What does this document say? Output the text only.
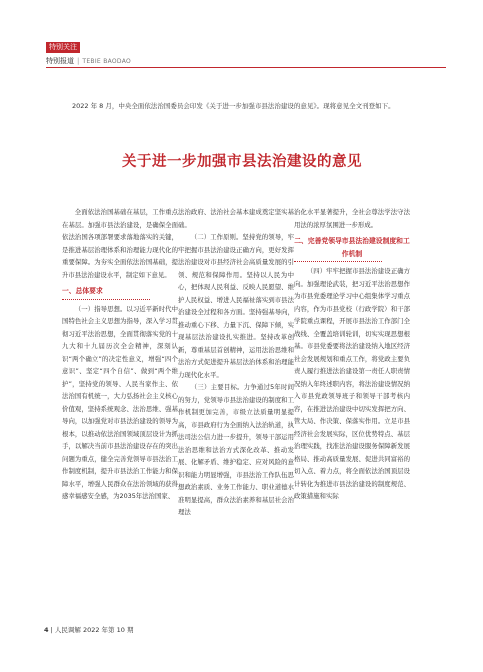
特别关注
特别报道 | TEBIE BAODAO

2022 年 8 月，中央全面依法治国委员会印发《关于进一步加强市县法治建设的意见》。现将意见全文刊登如下。

关于进一步加强市县法治建设的意见

全面依法治国基础在基层，工作重点在基层。加强市县法治建设，是确保全面依法治国各项部署要求落地落实的关键，是推进基层治理体系和治理能力现代化的重要保障。为夯实全面依法治国基础，提升市县法治建设水平，制定如下意见。

一、总体要求

（一）指导思想。以习近平新时代中国特色社会主义思想为指导，深入学习贯彻习近平法治思想，全面贯彻落实党的十九大和十九届历次全会精神，深刻认识“两个确立”的决定性意义，增强“四个意识”、坚定“四个自信”、做到“两个维护”，坚持党的领导、人民当家作主、依法治国有机统一，大力弘扬社会主义核心价值观，坚持系统观念、法治思维、强基导向，以加强党对市县法治建设的领导为根本，以推动依法治国领域顶层设计为抓手，以解决当前市县法治建设存在的突出问题为重点，健全完善党领导市县法治工作制度机制，提升市县法治工作能力和保障水平，增强人民群众在法治领域的获得感幸福感安全感，为2035年法治国家、

法治政府、法治社会基本建成奠定坚实基础。

（二）工作原则。坚持党的领导，牢牢把握市县法治建设正确方向，更好发挥法治建设对市县经济社会高质量发展的引领、规范和保障作用。坚持以人民为中心，把体现人民利益、反映人民愿望、维护人民权益、增进人民福祉落实到市县法治建设全过程和各方面。坚持强基导向，推动重心下移、力量下沉、保障下倾，实现基层法治建设扎实推进。坚持改革创新，尊重基层首创精神，运用法治思维和法治方式促进提升基层法治体系和治理能力现代化水平。

（三）主要目标。力争通过5年时间的努力，党领导市县法治建设的制度和工作机制更加完善，市级立法质量明显提高，市县政府行为全面纳入法治轨道，执法司法公信力进一步提升，领导干部运用法治思维和法治方式深化改革、推动发展、化解矛盾、维护稳定、应对风险的意识和能力明显增强，市县法治工作队伍思想政治素质、业务工作能力、职业道德水准明显提高，群众法治素养和基层社会治理法

治化水平显著提升，全社会尊法学法守法用法的浓厚氛围进一步形成。

二、完善党领导市县法治建设制度和工作机制

（四）牢牢把握市县法治建设正确方向。加强理论武装，把习近平法治思想作为市县党委理论学习中心组集体学习重点内容，作为市县党校（行政学院）和干部学院重点课程，开展市县法治工作部门全战线、全覆盖培训轮训，切实实现思想根基。市县党委要将法治建设纳入地区经济社会发展规划和重点工作，将党政主要负责人履行推进法治建设第一责任人职责情况纳入年终述职内容，将法治建设情况纳入市县党政领导班子和领导干部考核内容，在推进法治建设中切实发挥把方向、管大局、作决策、保落实作用。立足市县经济社会发展实际，区位优势特点、基层治理实践，找准法治建设服务保障新发展格局、推动高质量发展、促进共同富裕的切入点、着力点，将全面依法治国顶层设计转化为推进市县法治建设的制度规范、政策措施和实际

4 | 人民调解 2022 年第 10 期
